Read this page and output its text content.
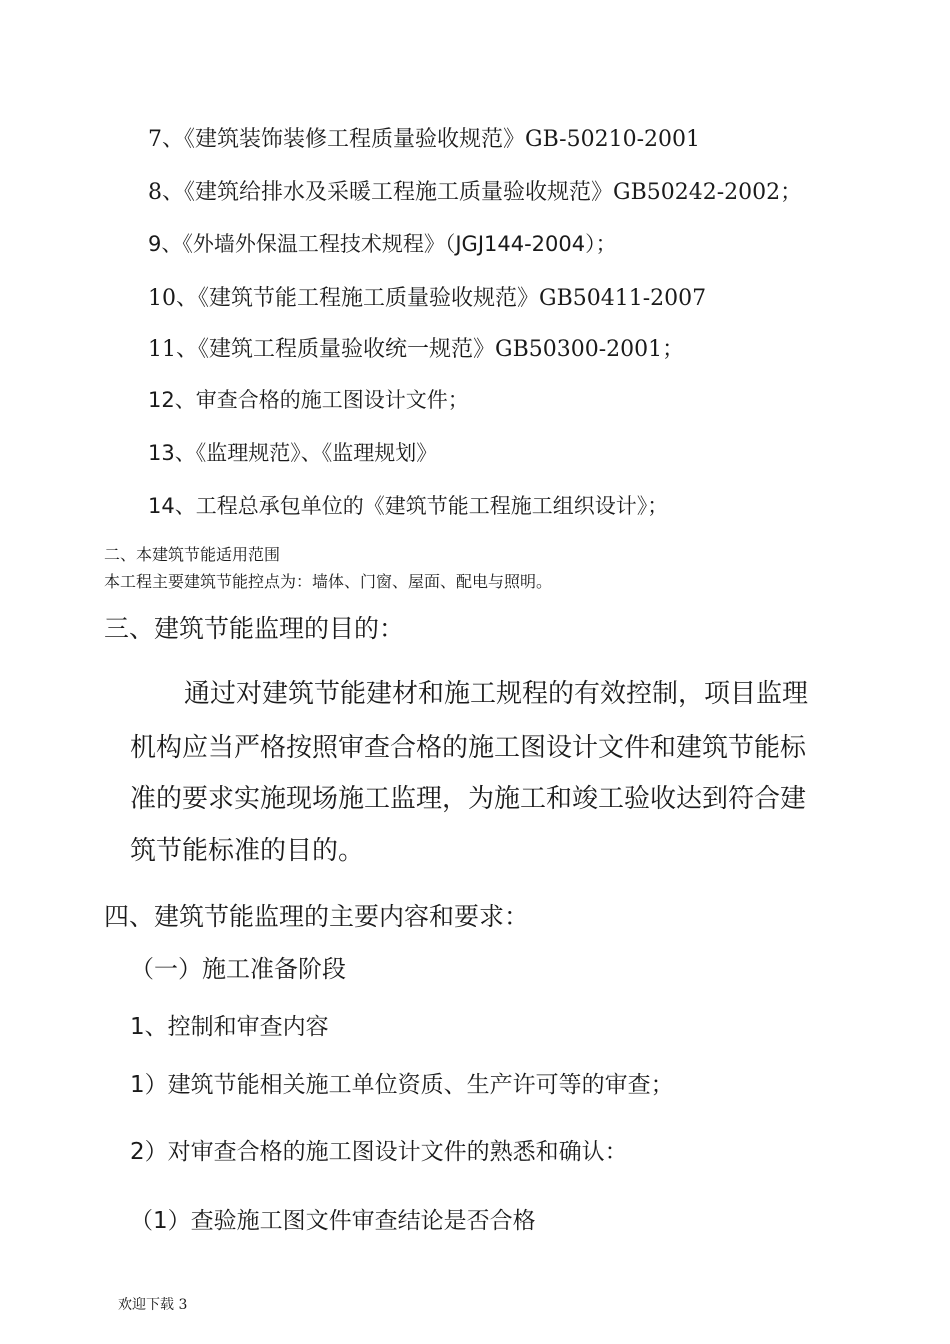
7、《建筑装饰装修工程质量验收规范》GB-50210-2001
8、《建筑给排水及采暖工程施工质量验收规范》GB50242-2002；
9、《外墙外保温工程技术规程》（JGJ144-2004）；
10、《建筑节能工程施工质量验收规范》GB50411-2007
11、《建筑工程质量验收统一规范》GB50300-2001；
12、审查合格的施工图设计文件；
13、《监理规范》、《监理规划》
14、工程总承包单位的《建筑节能工程施工组织设计》；
二、本建筑节能适用范围
本工程主要建筑节能控点为：墙体、门窗、屋面、配电与照明。
三、建筑节能监理的目的：
通过对建筑节能建材和施工规程的有效控制，项目监理
机构应当严格按照审查合格的施工图设计文件和建筑节能标
准的要求实施现场施工监理，为施工和竣工验收达到符合建
筑节能标准的目的。
四、建筑节能监理的主要内容和要求：
（一）施工准备阶段
1、控制和审查内容
1）建筑节能相关施工单位资质、生产许可等的审查；
2）对审查合格的施工图设计文件的熟悉和确认：
（1）查验施工图文件审查结论是否合格
欢迎下载 3
